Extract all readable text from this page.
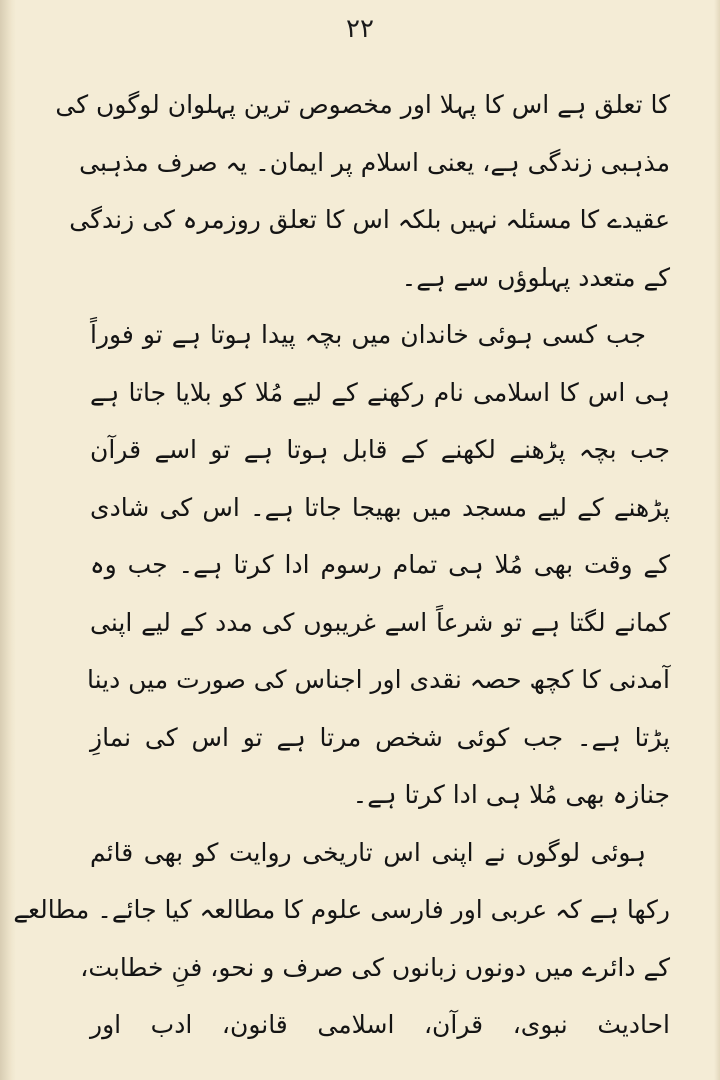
۲۲
کا تعلق ہے اس کا پہلا اور مخصوص ترین پہلوان لوگوں کی
مذہبی زندگی ہے، یعنی اسلام پر ایمان۔ یہ صرف مذہبی
عقیدے کا مسئلہ نہیں بلکہ اس کا تعلق روزمرہ کی زندگی
کے متعدد پہلوؤں سے ہے۔
جب کسی ہوئی خاندان میں بچہ پیدا ہوتا ہے تو فوراً
ہی اس کا اسلامی نام رکھنے کے لیے مُلا کو بلایا جاتا ہے
جب بچہ پڑھنے لکھنے کے قابل ہوتا ہے تو اسے قرآن
پڑھنے کے لیے مسجد میں بھیجا جاتا ہے۔ اس کی شادی
کے وقت بھی مُلا ہی تمام رسوم ادا کرتا ہے۔ جب وہ
کمانے لگتا ہے تو شرعاً اسے غریبوں کی مدد کے لیے اپنی
آمدنی کا کچھ حصہ نقدی اور اجناس کی صورت میں دینا
پڑتا ہے۔ جب کوئی شخص مرتا ہے تو اس کی نمازِ
جنازہ بھی مُلا ہی ادا کرتا ہے۔
ہوئی لوگوں نے اپنی اس تاریخی روایت کو بھی قائم
رکھا ہے کہ عربی اور فارسی علوم کا مطالعہ کیا جائے۔ مطالعے
کے دائرے میں دونوں زبانوں کی صرف و نحو، فنِ خطابت،
احادیث نبوی، قرآن، اسلامی قانون، ادب اور
